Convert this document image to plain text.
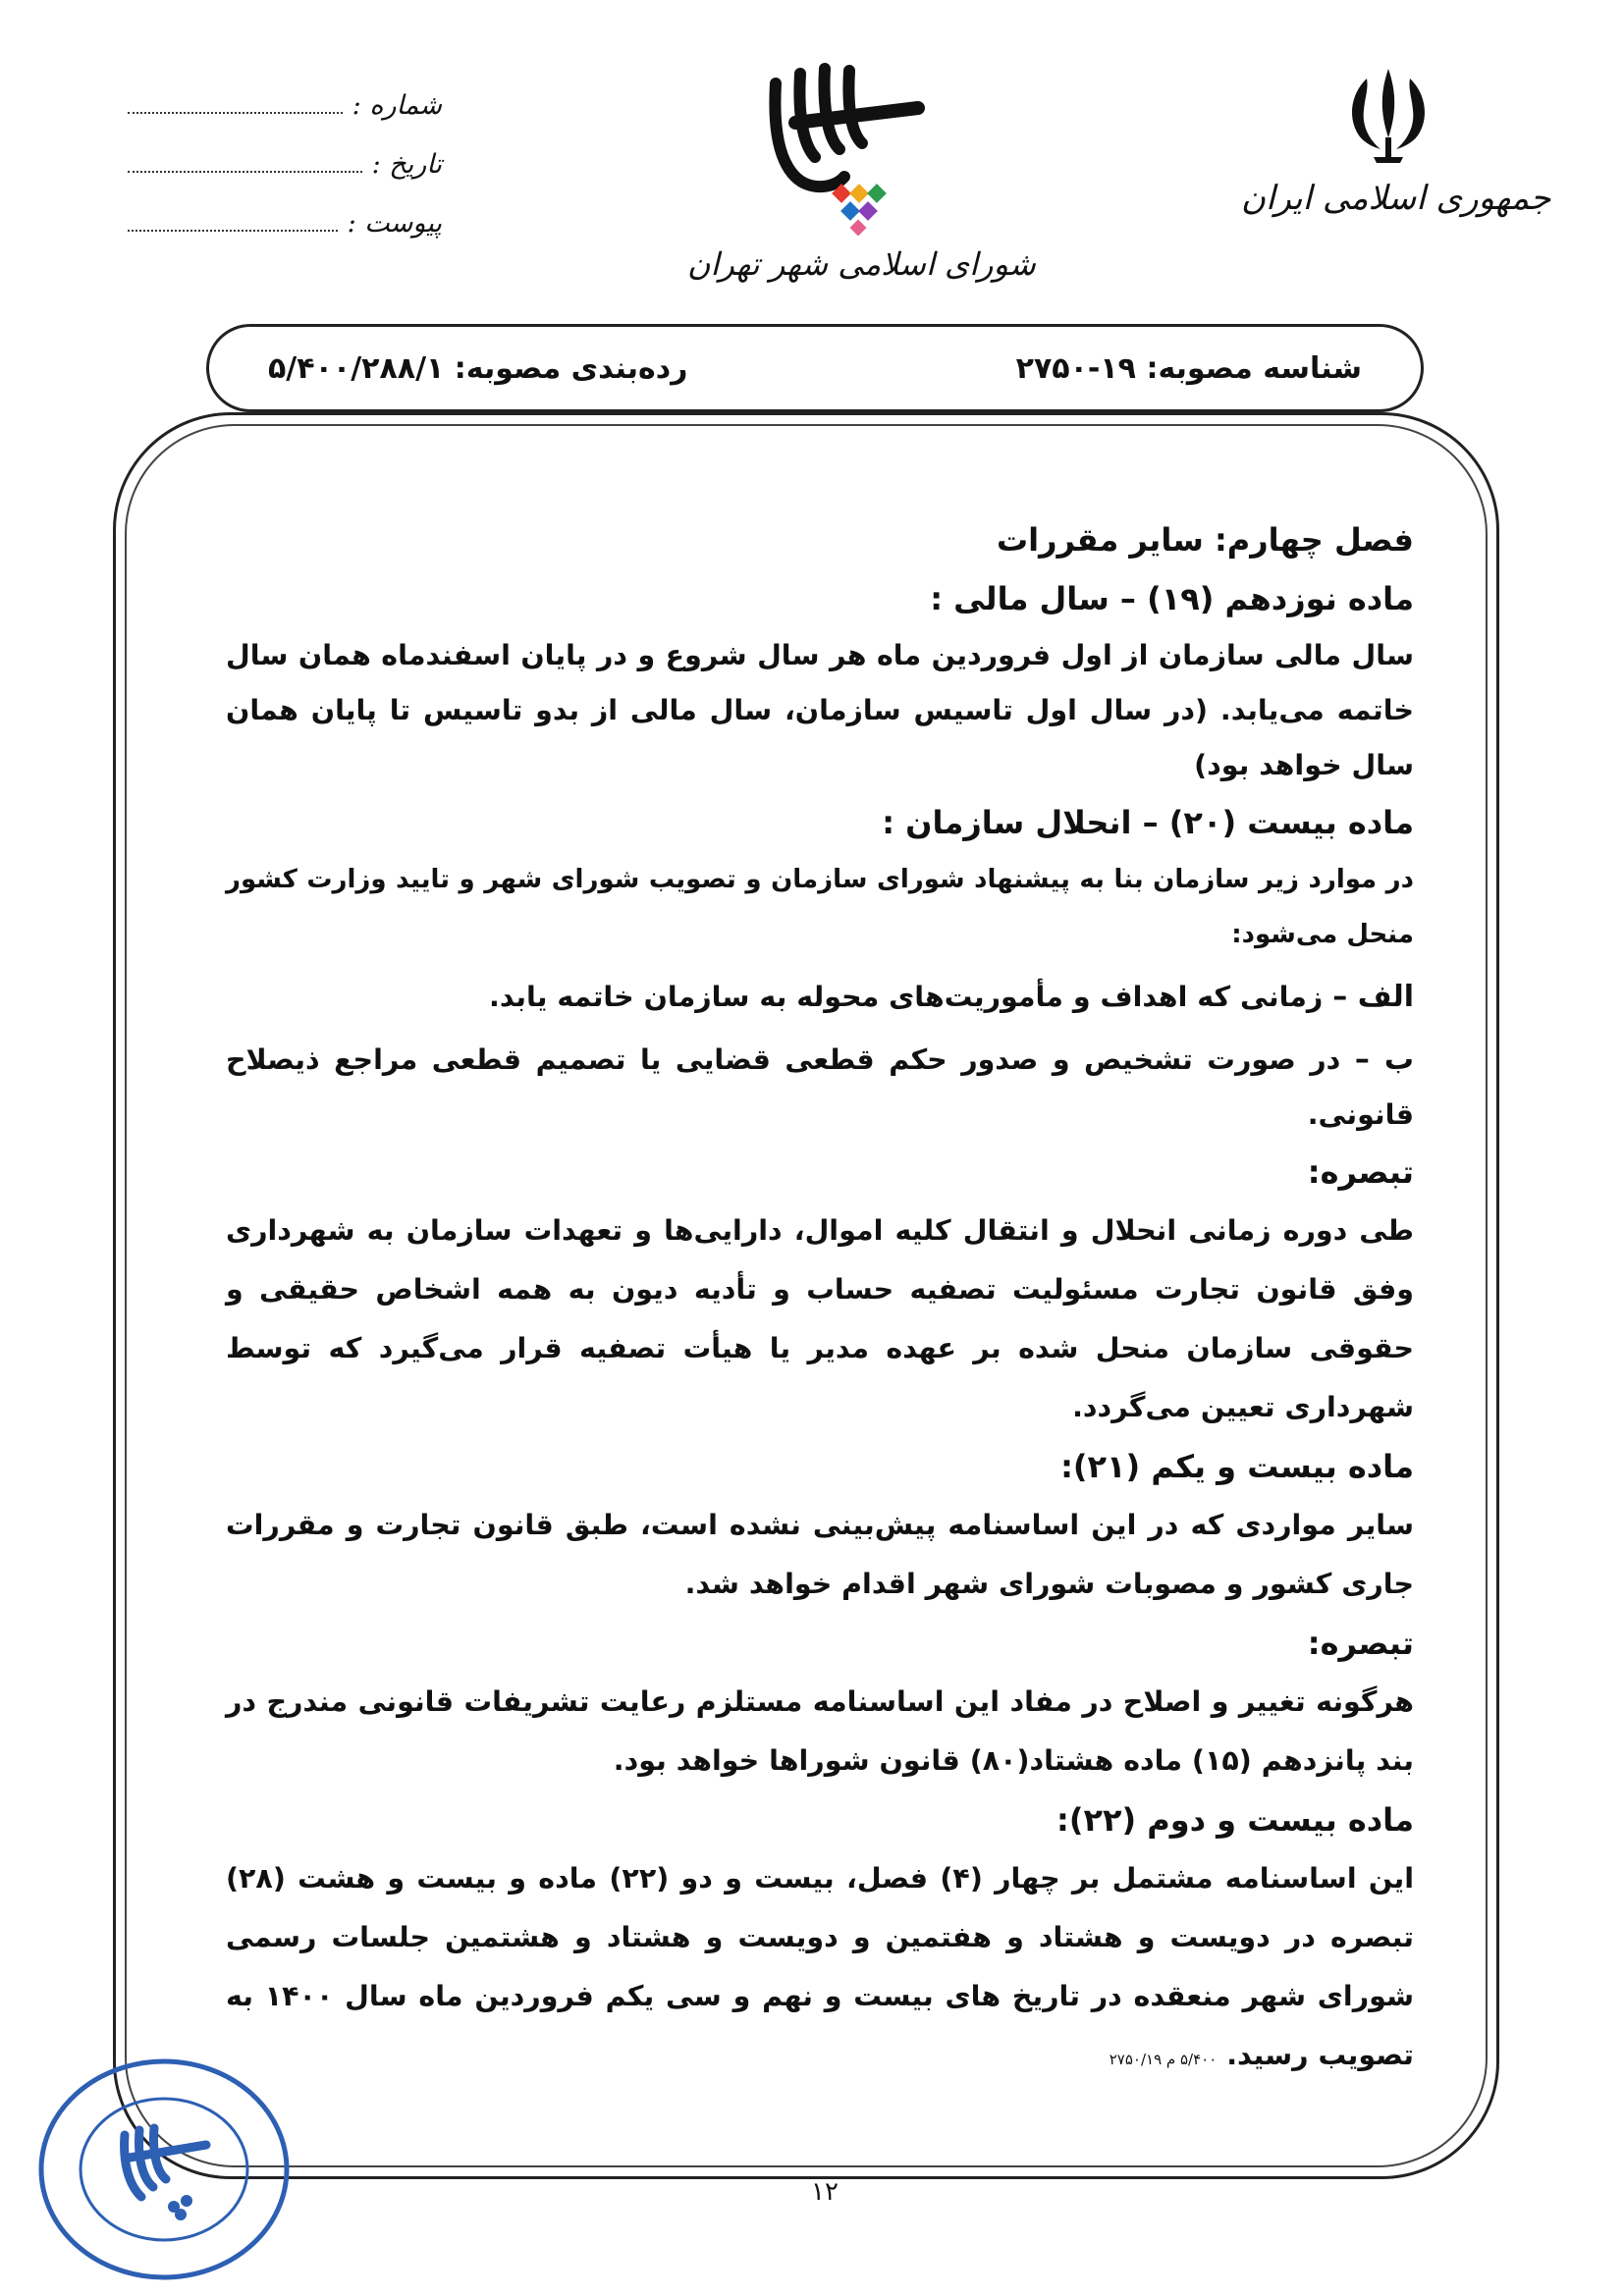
جمهوری اسلامی ایران
شورای اسلامی شهر تهران
شماره :
تاریخ :
پیوست :
شناسه مصوبه: ۱۹-۲۷۵۰
رده‌بندی مصوبه: ۵/۴۰۰/۲۸۸/۱
فصل چهارم: سایر مقررات
ماده نوزدهم (۱۹) – سال مالی :

سال مالی سازمان از اول فروردین ماه هر سال شروع و در پایان اسفندماه همان سال خاتمه می‌یابد. (در سال اول تاسیس سازمان، سال مالی از بدو تاسیس تا پایان همان سال خواهد بود)

ماده بیست (۲۰) – انحلال سازمان :

در موارد زیر سازمان بنا به پیشنهاد شورای سازمان و تصویب شورای شهر و تایید وزارت کشور منحل می‌شود:

الف – زمانی که اهداف و مأموریت‌های محوله به سازمان خاتمه یابد.

ب – در صورت تشخیص و صدور حکم قطعی قضایی یا تصمیم قطعی مراجع ذیصلاح قانونی.

تبصره:

طی دوره زمانی انحلال و انتقال کلیه اموال، دارایی‌ها و تعهدات سازمان به شهرداری وفق قانون تجارت مسئولیت تصفیه حساب و تأدیه دیون به همه اشخاص حقیقی و حقوقی سازمان منحل شده بر عهده مدیر یا هیأت تصفیه قرار می‌گیرد که توسط شهرداری تعیین می‌گردد.

ماده بیست و یکم (۲۱):

سایر مواردی که در این اساسنامه پیش‌بینی نشده است، طبق قانون تجارت و مقررات جاری کشور و مصوبات شورای شهر اقدام خواهد شد.

تبصره:

هرگونه تغییر و اصلاح در مفاد این اساسنامه مستلزم رعایت تشریفات قانونی مندرج در بند پانزدهم (۱۵) ماده هشتاد(۸۰) قانون شوراها خواهد بود.

ماده بیست و دوم (۲۲):

این اساسنامه مشتمل بر چهار (۴) فصل، بیست و دو (۲۲) ماده و بیست و هشت (۲۸) تبصره در دویست و هشتاد و هفتمین و دویست و هشتاد و هشتمین جلسات رسمی شورای شهر منعقده در تاریخ های بیست و نهم و سی یکم فروردین ماه سال ۱۴۰۰ به تصویب رسید. ۵/۴۰۰ م ۲۷۵۰/۱۹

۱۲
